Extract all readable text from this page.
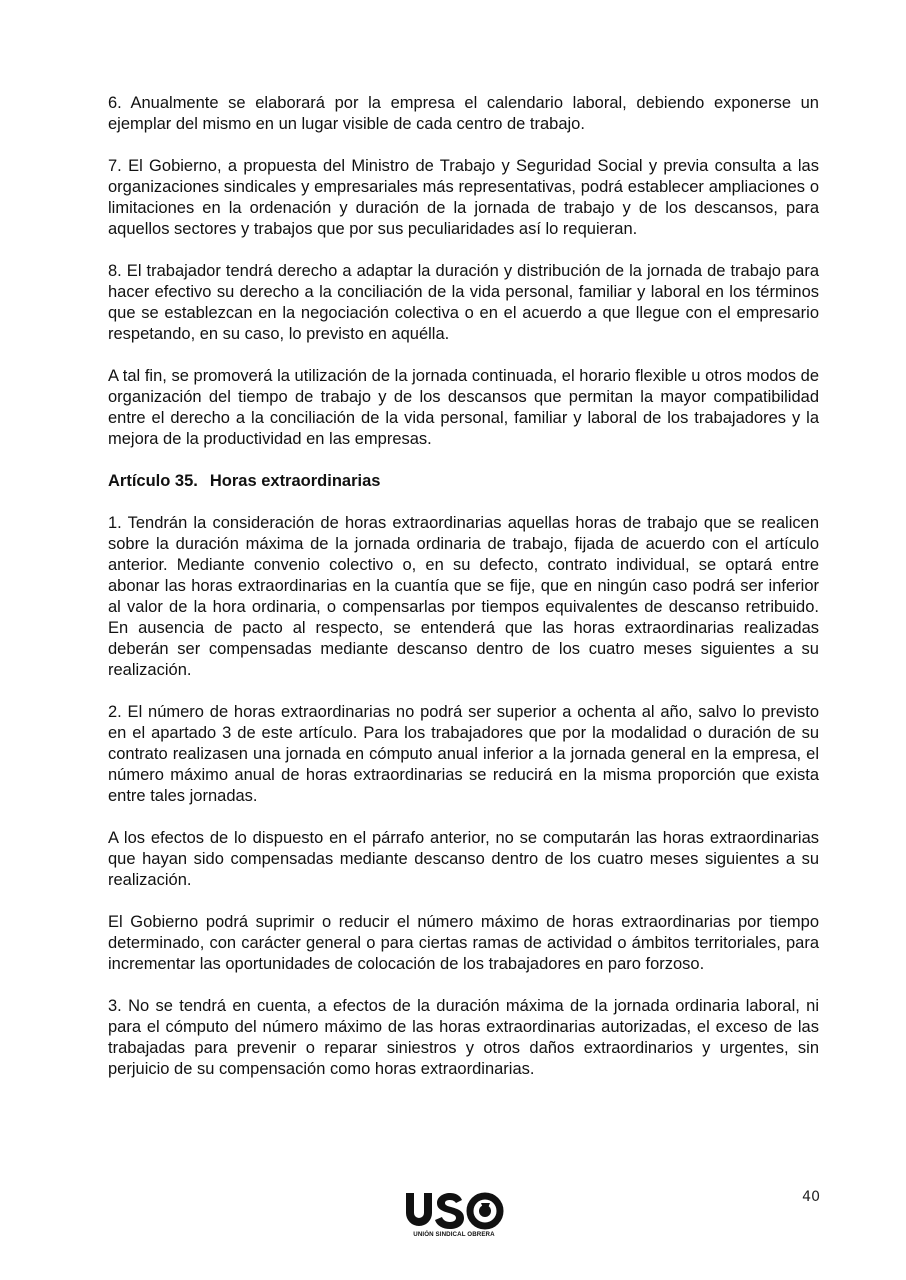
6. Anualmente se elaborará por la empresa el calendario laboral, debiendo exponerse un ejemplar del mismo en un lugar visible de cada centro de trabajo.

7. El Gobierno, a propuesta del Ministro de Trabajo y Seguridad Social y previa consulta a las organizaciones sindicales y empresariales más representativas, podrá establecer ampliaciones o limitaciones en la ordenación y duración de la jornada de trabajo y de los descansos, para aquellos sectores y trabajos que por sus peculiaridades así lo requieran.

8. El trabajador tendrá derecho a adaptar la duración y distribución de la jornada de trabajo para hacer efectivo su derecho a la conciliación de la vida personal, familiar y laboral en los términos que se establezcan en la negociación colectiva o en el acuerdo a que llegue con el empresario respetando, en su caso, lo previsto en aquélla.

A tal fin, se promoverá la utilización de la jornada continuada, el horario flexible u otros modos de organización del tiempo de trabajo y de los descansos que permitan la mayor compatibilidad entre el derecho a la conciliación de la vida personal, familiar y laboral de los trabajadores y la mejora de la productividad en las empresas.

Artículo 35. Horas extraordinarias

1. Tendrán la consideración de horas extraordinarias aquellas horas de trabajo que se realicen sobre la duración máxima de la jornada ordinaria de trabajo, fijada de acuerdo con el artículo anterior. Mediante convenio colectivo o, en su defecto, contrato individual, se optará entre abonar las horas extraordinarias en la cuantía que se fije, que en ningún caso podrá ser inferior al valor de la hora ordinaria, o compensarlas por tiempos equivalentes de descanso retribuido. En ausencia de pacto al respecto, se entenderá que las horas extraordinarias realizadas deberán ser compensadas mediante descanso dentro de los cuatro meses siguientes a su realización.

2. El número de horas extraordinarias no podrá ser superior a ochenta al año, salvo lo previsto en el apartado 3 de este artículo. Para los trabajadores que por la modalidad o duración de su contrato realizasen una jornada en cómputo anual inferior a la jornada general en la empresa, el número máximo anual de horas extraordinarias se reducirá en la misma proporción que exista entre tales jornadas.

A los efectos de lo dispuesto en el párrafo anterior, no se computarán las horas extraordinarias que hayan sido compensadas mediante descanso dentro de los cuatro meses siguientes a su realización.

El Gobierno podrá suprimir o reducir el número máximo de horas extraordinarias por tiempo determinado, con carácter general o para ciertas ramas de actividad o ámbitos territoriales, para incrementar las oportunidades de colocación de los trabajadores en paro forzoso.

3. No se tendrá en cuenta, a efectos de la duración máxima de la jornada ordinaria laboral, ni para el cómputo del número máximo de las horas extraordinarias autorizadas, el exceso de las trabajadas para prevenir o reparar siniestros y otros daños extraordinarios y urgentes, sin perjuicio de su compensación como horas extraordinarias.

UNIÓN SINDICAL OBRERA
40
